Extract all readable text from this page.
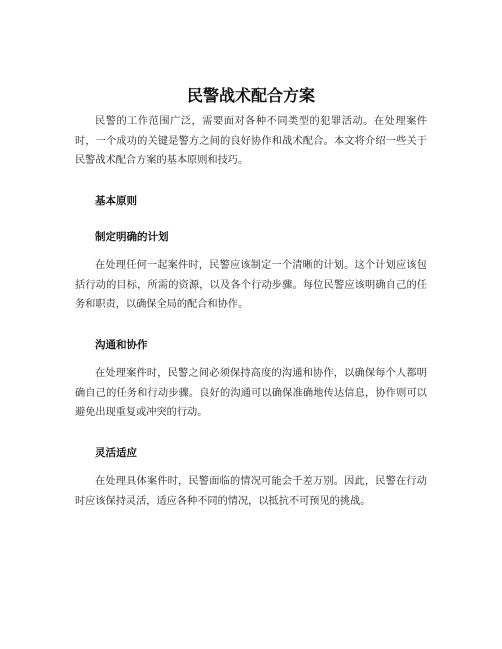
民警战术配合方案
民警的工作范围广泛，需要面对各种不同类型的犯罪活动。在处理案件时，一个成功的关键是警方之间的良好协作和战术配合。本文将介绍一些关于民警战术配合方案的基本原则和技巧。
基本原则
制定明确的计划
在处理任何一起案件时，民警应该制定一个清晰的计划。这个计划应该包括行动的目标，所需的资源，以及各个行动步骤。每位民警应该明确自己的任务和职责，以确保全局的配合和协作。
沟通和协作
在处理案件时，民警之间必须保持高度的沟通和协作，以确保每个人都明确自己的任务和行动步骤。良好的沟通可以确保准确地传达信息，协作则可以避免出现重复或冲突的行动。
灵活适应
在处理具体案件时，民警面临的情况可能会千差万别。因此，民警在行动时应该保持灵活，适应各种不同的情况，以抵抗不可预见的挑战。
